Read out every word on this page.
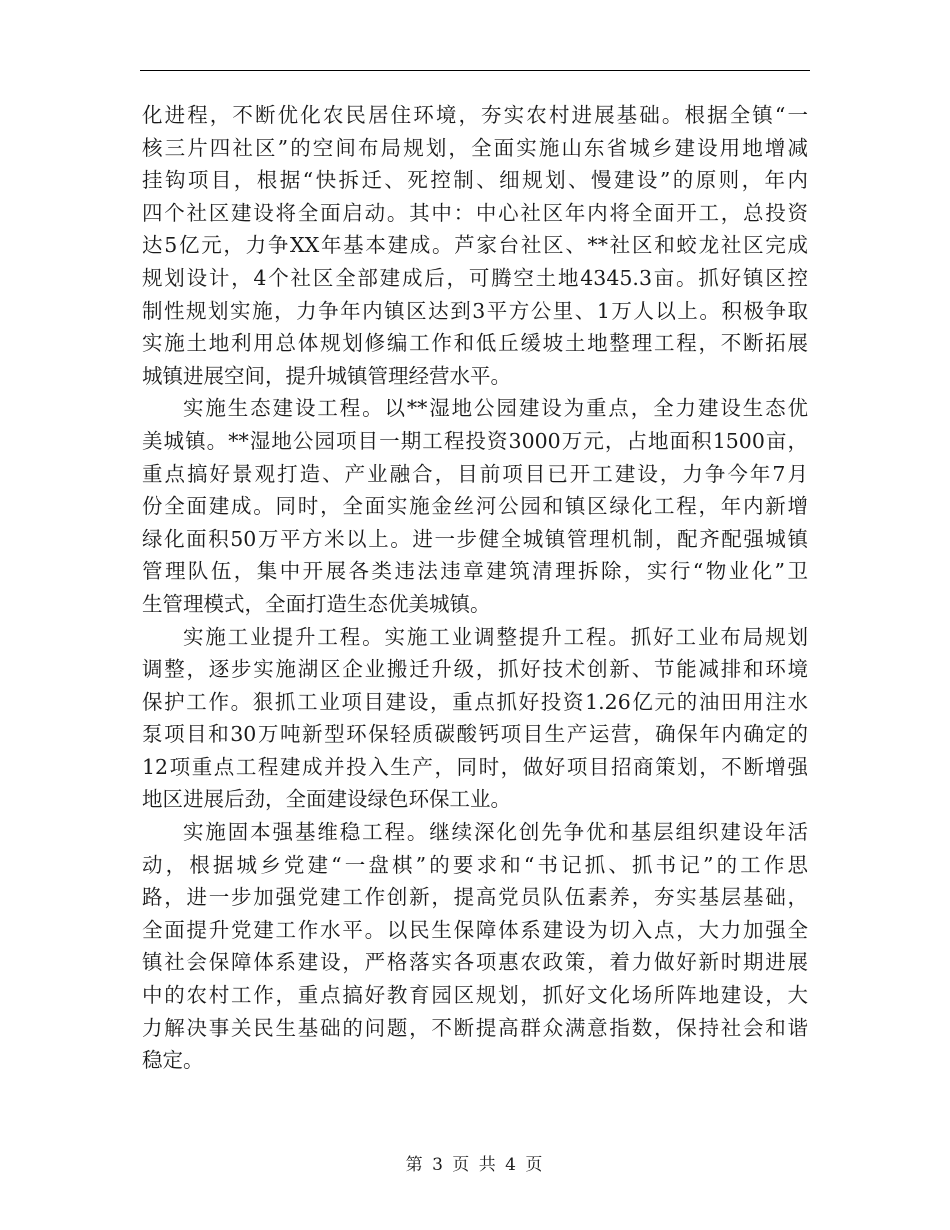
化进程，不断优化农民居住环境，夯实农村进展基础。根据全镇“一
核三片四社区”的空间布局规划，全面实施山东省城乡建设用地增减
挂钩项目，根据“快拆迁、死控制、细规划、慢建设”的原则，年内
四个社区建设将全面启动。其中：中心社区年内将全面开工，总投资
达5亿元，力争XX年基本建成。芦家台社区、**社区和蛟龙社区完成
规划设计，4个社区全部建成后，可腾空土地4345.3亩。抓好镇区控
制性规划实施，力争年内镇区达到3平方公里、1万人以上。积极争取
实施土地利用总体规划修编工作和低丘缓坡土地整理工程，不断拓展
城镇进展空间，提升城镇管理经营水平。
实施生态建设工程。以**湿地公园建设为重点，全力建设生态优
美城镇。**湿地公园项目一期工程投资3000万元，占地面积1500亩，
重点搞好景观打造、产业融合，目前项目已开工建设，力争今年7月
份全面建成。同时，全面实施金丝河公园和镇区绿化工程，年内新增
绿化面积50万平方米以上。进一步健全城镇管理机制，配齐配强城镇
管理队伍，集中开展各类违法违章建筑清理拆除，实行“物业化”卫
生管理模式，全面打造生态优美城镇。
实施工业提升工程。实施工业调整提升工程。抓好工业布局规划
调整，逐步实施湖区企业搬迁升级，抓好技术创新、节能减排和环境
保护工作。狠抓工业项目建设，重点抓好投资1.26亿元的油田用注水
泵项目和30万吨新型环保轻质碳酸钙项目生产运营，确保年内确定的
12项重点工程建成并投入生产，同时，做好项目招商策划，不断增强
地区进展后劲，全面建设绿色环保工业。
实施固本强基维稳工程。继续深化创先争优和基层组织建设年活
动，根据城乡党建“一盘棋”的要求和“书记抓、抓书记”的工作思
路，进一步加强党建工作创新，提高党员队伍素养，夯实基层基础，
全面提升党建工作水平。以民生保障体系建设为切入点，大力加强全
镇社会保障体系建设，严格落实各项惠农政策，着力做好新时期进展
中的农村工作，重点搞好教育园区规划，抓好文化场所阵地建设，大
力解决事关民生基础的问题，不断提高群众满意指数，保持社会和谐
稳定。
第 3 页 共 4 页
